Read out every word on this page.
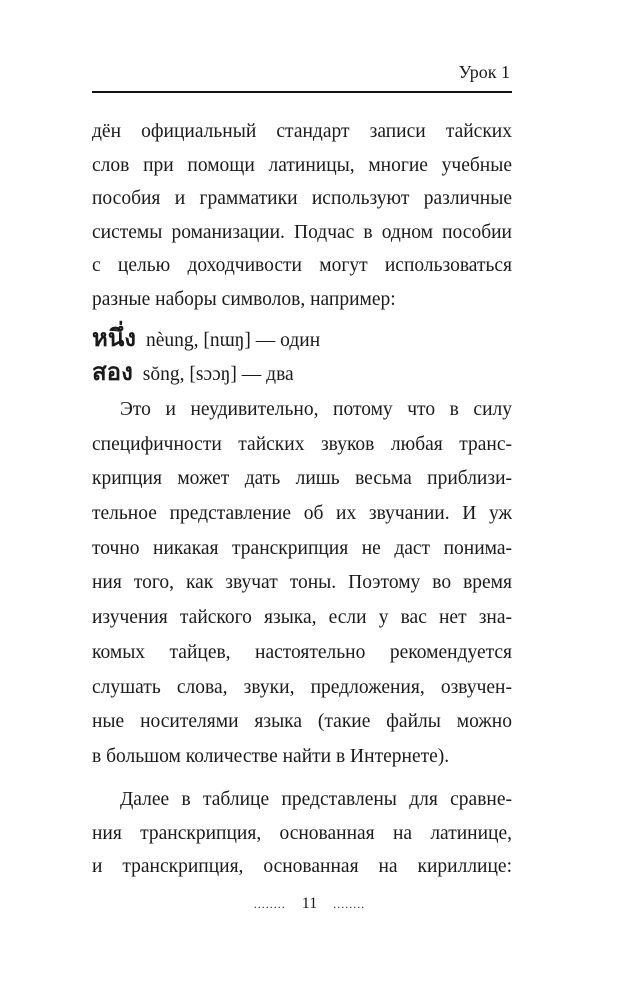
Урок 1
дён официальный стандарт записи тайских
слов при помощи латиницы, многие учебные
пособия и грамматики используют различные
системы романизации. Подчас в одном пособии
с целью доходчивости могут использоваться
разные наборы символов, например:
หนึ่ง nèung, [nɯŋ] — один
สอง sŏng, [sɔɔŋ] — два
Это и неудивительно, потому что в силу
специфичности тайских звуков любая транс-
крипция может дать лишь весьма приблизи-
тельное представление об их звучании. И уж
точно никакая транскрипция не даст понима-
ния того, как звучат тоны. Поэтому во время
изучения тайского языка, если у вас нет зна-
комых тайцев, настоятельно рекомендуется
слушать слова, звуки, предложения, озвучен-
ные носителями языка (такие файлы можно
в большом количестве найти в Интернете).
Далее в таблице представлены для сравне-
ния транскрипция, основанная на латинице,
и транскрипция, основанная на кириллице:
........ 11 ........
